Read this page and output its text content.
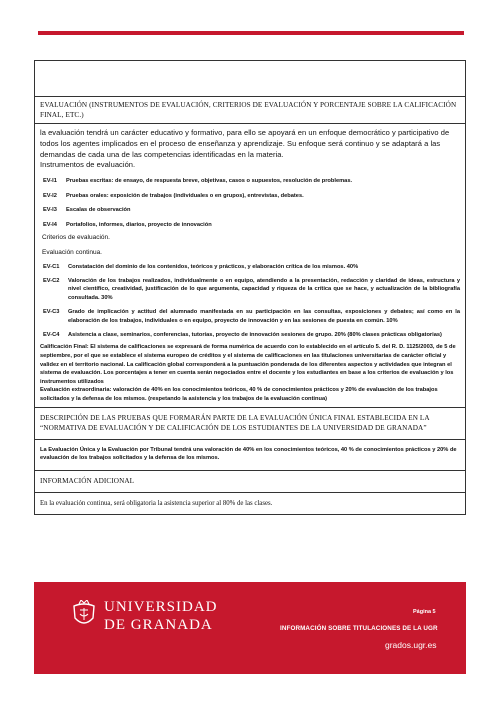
EVALUACIÓN (INSTRUMENTOS DE EVALUACIÓN, CRITERIOS DE EVALUACIÓN Y PORCENTAJE SOBRE LA CALIFICACIÓN FINAL, ETC.)

la evaluación tendrá un carácter educativo y formativo, para ello se apoyará en un enfoque democrático y participativo de todos los agentes implicados en el proceso de enseñanza y aprendizaje. Su enfoque será continuo y se adaptará a las demandas de cada una de las competencias identificadas en la materia.

Instrumentos de evaluación.

EV-I1	Pruebas escritas: de ensayo, de respuesta breve, objetivas, casos o supuestos, resolución de problemas.
EV-I2	Pruebas orales: exposición de trabajos (individuales o en grupos), entrevistas, debates.
EV-I3	Escalas de observación
EV-I4	Portafolios, informes, diarios, proyecto de innovación
Criterios de evaluación.
Evaluación continua.
EV-C1	Constatación del dominio de los contenidos, teóricos y prácticos, y elaboración crítica de los mismos. 40%
EV-C2	Valoración de los trabajos realizados, individualmente o en equipo, atendiendo a la presentación, redacción y claridad de ideas, estructura y nivel científico, creatividad, justificación de lo que argumenta, capacidad y riqueza de la crítica que se hace, y actualización de la bibliografía consultada. 30%
EV-C3	Grado de implicación y actitud del alumnado manifestada en su participación en las consultas, exposiciones y debates; así como en la elaboración de los trabajos, individuales o en equipo, proyecto de innovación y en las sesiones de puesta en común. 10%
EV-C4	Asistencia a clase, seminarios, conferencias, tutorías, proyecto de innovación sesiones de grupo. 20% (80% clases prácticas obligatorias)

Calificación Final: El sistema de calificaciones se expresará de forma numérica de acuerdo con lo establecido en el artículo 5. del R. D. 1125/2003, de 5 de septiembre, por el que se establece el sistema europeo de créditos y el sistema de calificaciones en las titulaciones universitarias de carácter oficial y validez en el territorio nacional. La calificación global corresponderá a la puntuación ponderada de los diferentes aspectos y actividades que integran el sistema de evaluación. Los porcentajes a tener en cuenta serán negociados entre el docente y los estudiantes en base a los criterios de evaluación y los instrumentos utilizados

Evaluación extraordinaria: valoración de 40% en los conocimientos teóricos, 40 % de conocimientos prácticos y 20% de evaluación de los trabajos solicitados y la defensa de los mismos. (respetando la asistencia y los trabajos de la evaluación continua)

DESCRIPCIÓN DE LAS PRUEBAS QUE FORMARÁN PARTE DE LA EVALUACIÓN ÚNICA FINAL ESTABLECIDA EN LA “NORMATIVA DE EVALUACIÓN Y DE CALIFICACIÓN DE LOS ESTUDIANTES DE LA UNIVERSIDAD DE GRANADA”

La Evaluación Única y la Evaluación por Tribunal tendrá una valoración de 40% en los conocimientos teóricos, 40 % de conocimientos prácticos y 20% de evaluación de los trabajos solicitados y la defensa de los mismos.

INFORMACIÓN ADICIONAL
En la evaluación continua, será obligatoria la asistencia superior al 80% de las clases.
UNIVERSIDAD
DE GRANADA
Página 5
INFORMACIÓN SOBRE TITULACIONES DE LA UGR
grados.ugr.es
